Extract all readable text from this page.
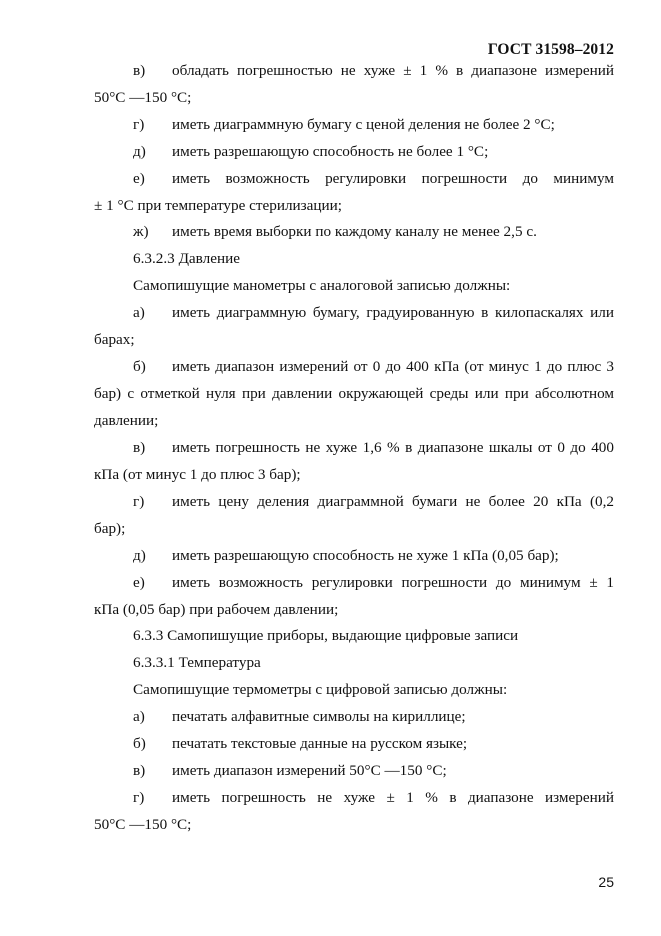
ГОСТ 31598–2012
в) обладать погрешностью не хуже ± 1 % в диапазоне измерений
50°C —150 °C;
г) иметь диаграммную бумагу с ценой деления не более 2 °C;
д) иметь разрешающую способность не более 1 °C;
е) иметь возможность регулировки погрешности до минимум
± 1 °C при температуре стерилизации;
ж) иметь время выборки по каждому каналу не менее 2,5 с.
6.3.2.3 Давление
Самопишущие манометры с аналоговой записью должны:
а) иметь диаграммную бумагу, градуированную в килопаскалях или
барах;
б) иметь диапазон измерений от 0 до 400 кПа (от минус 1 до плюс 3
бар) с отметкой нуля при давлении окружающей среды или при абсолютном
давлении;
в) иметь погрешность не хуже 1,6 % в диапазоне шкалы от 0 до 400
кПа (от минус 1 до плюс 3 бар);
г) иметь цену деления диаграммной бумаги не более 20 кПа (0,2
бар);
д) иметь разрешающую способность не хуже 1 кПа (0,05 бар);
е) иметь возможность регулировки погрешности до минимум ± 1
кПа (0,05 бар) при рабочем давлении;
6.3.3 Самопишущие приборы, выдающие цифровые записи
6.3.3.1 Температура
Самопишущие термометры с цифровой записью должны:
а) печатать алфавитные символы на кириллице;
б) печатать текстовые данные на русском языке;
в) иметь диапазон измерений 50°C —150 °C;
г) иметь погрешность не хуже ± 1 % в диапазоне измерений
50°C —150 °C;
25
